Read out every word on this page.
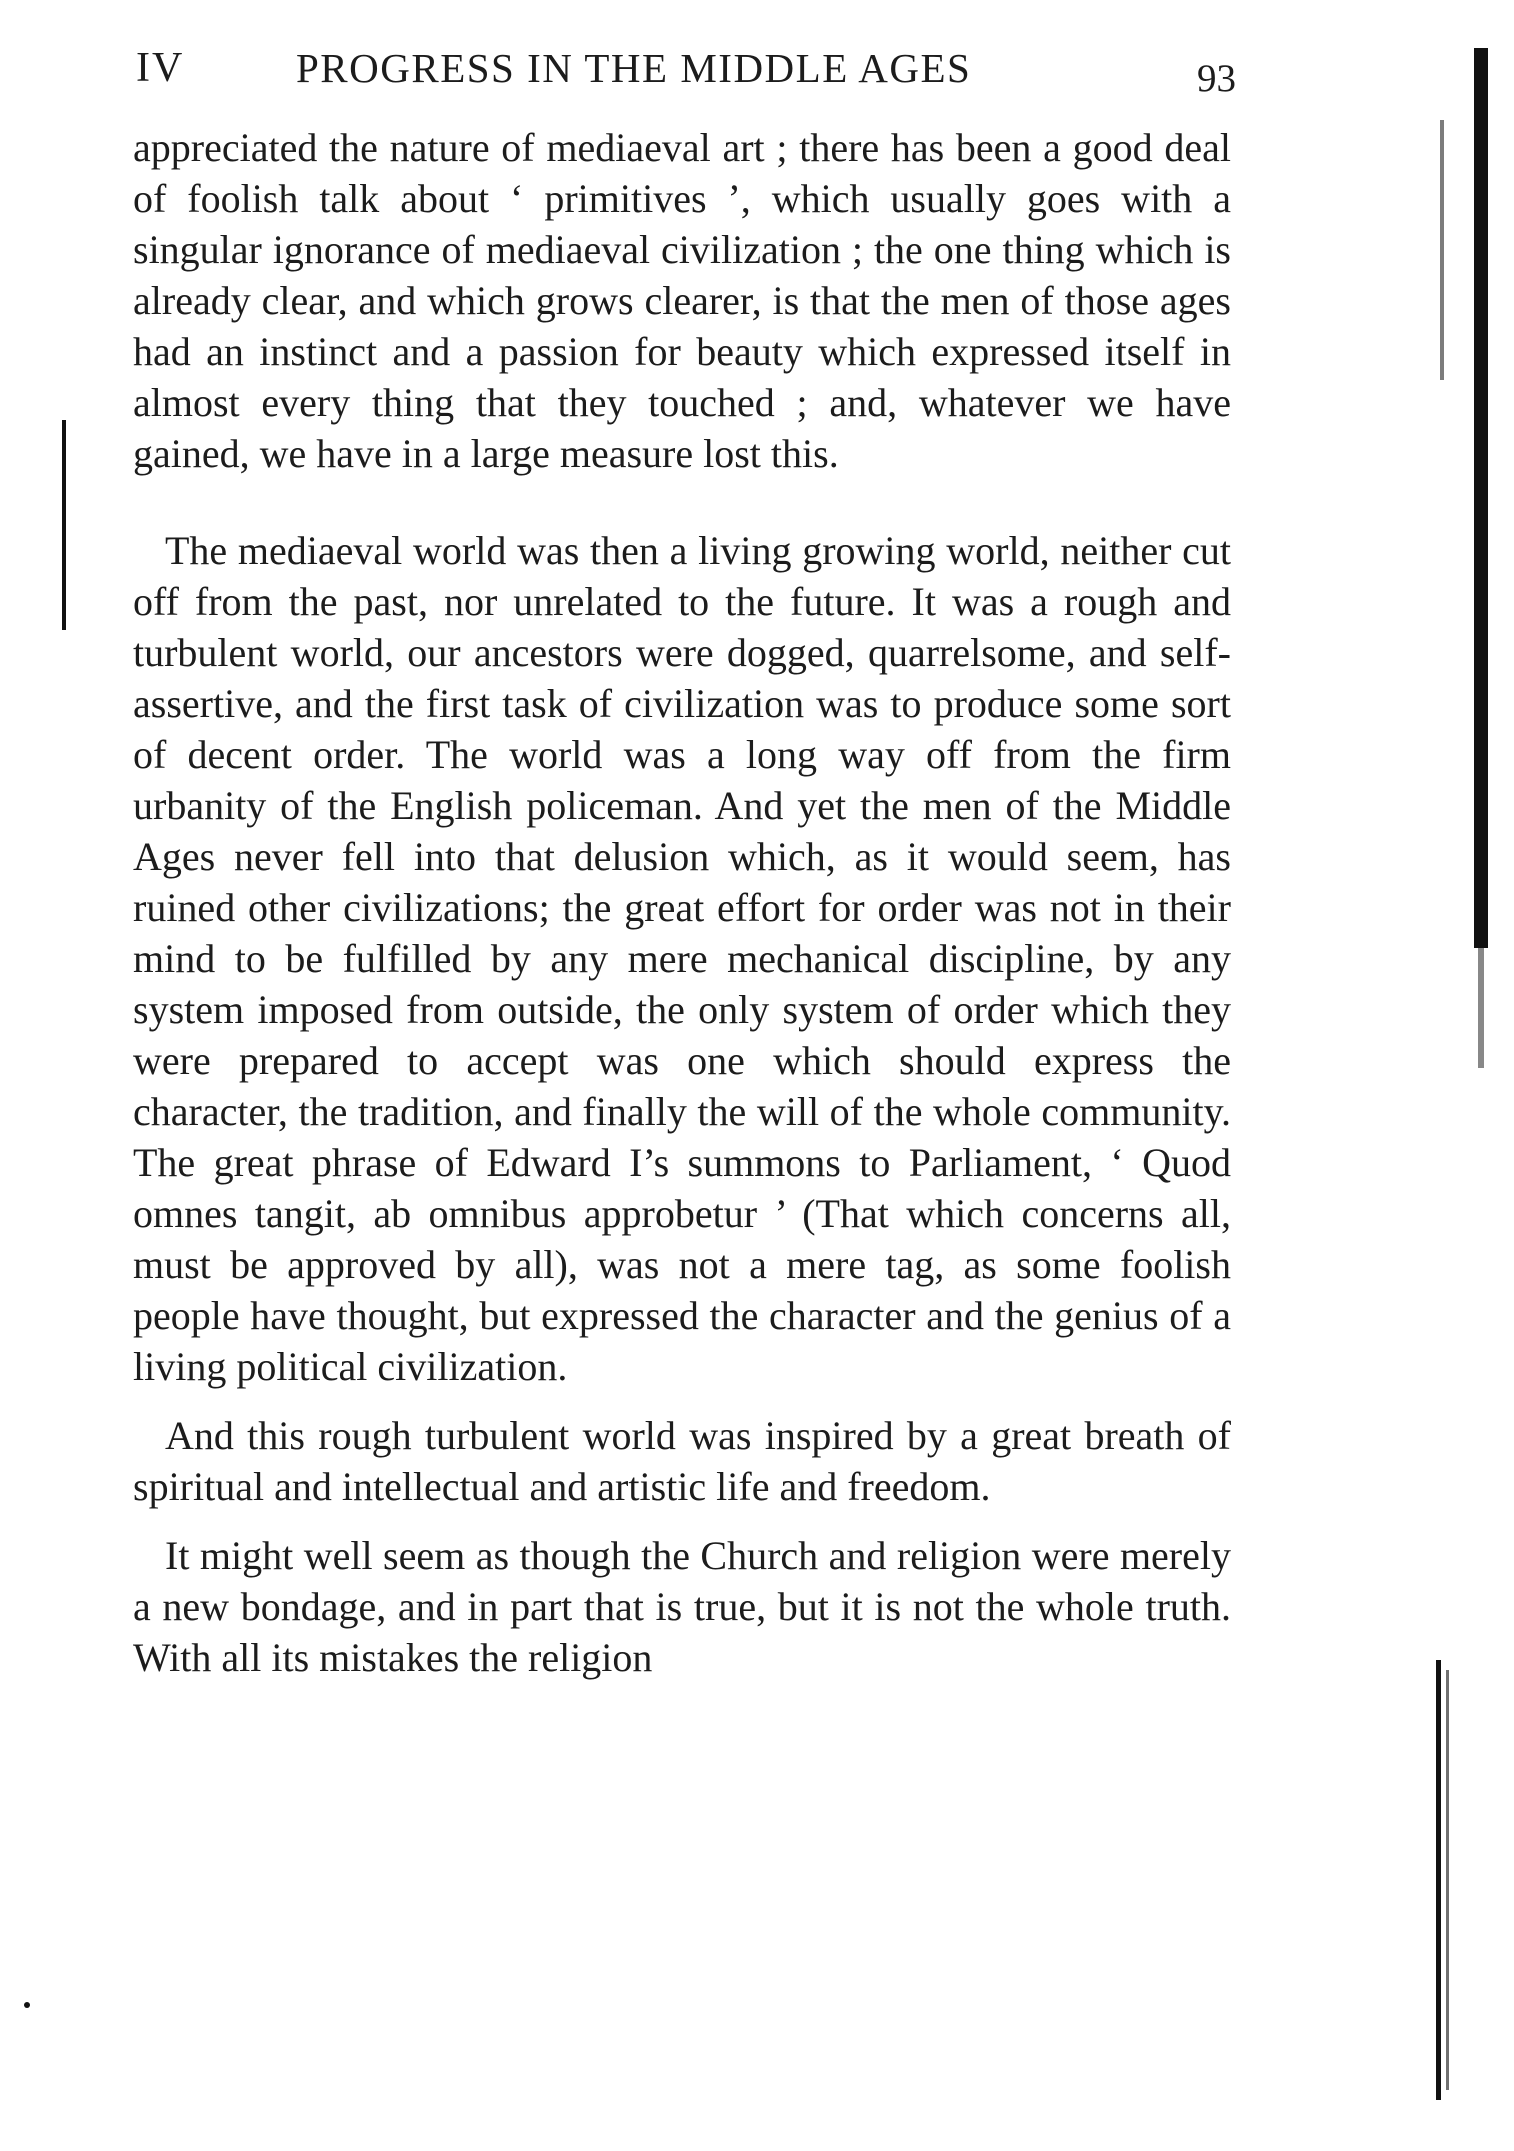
IV	PROGRESS IN THE MIDDLE AGES	93

appreciated the nature of mediaeval art ; there has been a good deal of foolish talk about ‘ primitives ’, which usually goes with a singular ignorance of mediaeval civilization ; the one thing which is already clear, and which grows clearer, is that the men of those ages had an instinct and a passion for beauty which expressed itself in almost every thing that they touched ; and, whatever we have gained, we have in a large measure lost this.

The mediaeval world was then a living growing world, neither cut off from the past, nor unrelated to the future. It was a rough and turbulent world, our ancestors were dogged, quarrelsome, and self-assertive, and the first task of civilization was to produce some sort of decent order. The world was a long way off from the firm urbanity of the English policeman. And yet the men of the Middle Ages never fell into that delusion which, as it would seem, has ruined other civilizations; the great effort for order was not in their mind to be fulfilled by any mere mechanical discipline, by any system imposed from outside, the only system of order which they were prepared to accept was one which should express the character, the tradition, and finally the will of the whole community. The great phrase of Edward I’s summons to Parliament, ‘ Quod omnes tangit, ab omnibus approbetur ’ (That which concerns all, must be approved by all), was not a mere tag, as some foolish people have thought, but expressed the character and the genius of a living political civilization.

And this rough turbulent world was inspired by a great breath of spiritual and intellectual and artistic life and freedom.

It might well seem as though the Church and religion were merely a new bondage, and in part that is true, but it is not the whole truth. With all its mistakes the religion
